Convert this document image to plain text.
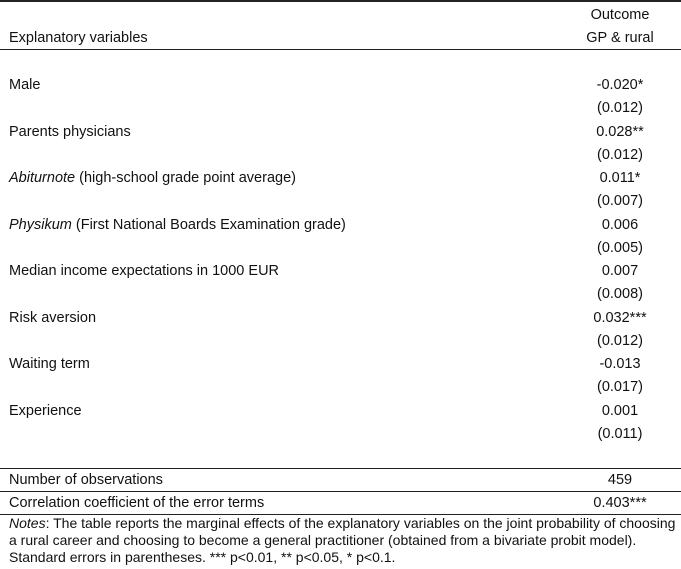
Outcome
Explanatory variables	GP & rural
Male	-0.020*
(0.012)
Parents physicians	0.028**
(0.012)
Abiturnote (high-school grade point average)	0.011*
(0.007)
Physikum (First National Boards Examination grade)	0.006
(0.005)
Median income expectations in 1000 EUR	0.007
(0.008)
Risk aversion	0.032***
(0.012)
Waiting term	-0.013
(0.017)
Experience	0.001
(0.011)
Number of observations	459
Correlation coefficient of the error terms	0.403***
Notes: The table reports the marginal effects of the explanatory variables on the joint probability of choosing a rural career and choosing to become a general practitioner (obtained from a bivariate probit model). Standard errors in parentheses. *** p<0.01, ** p<0.05, * p<0.1.
